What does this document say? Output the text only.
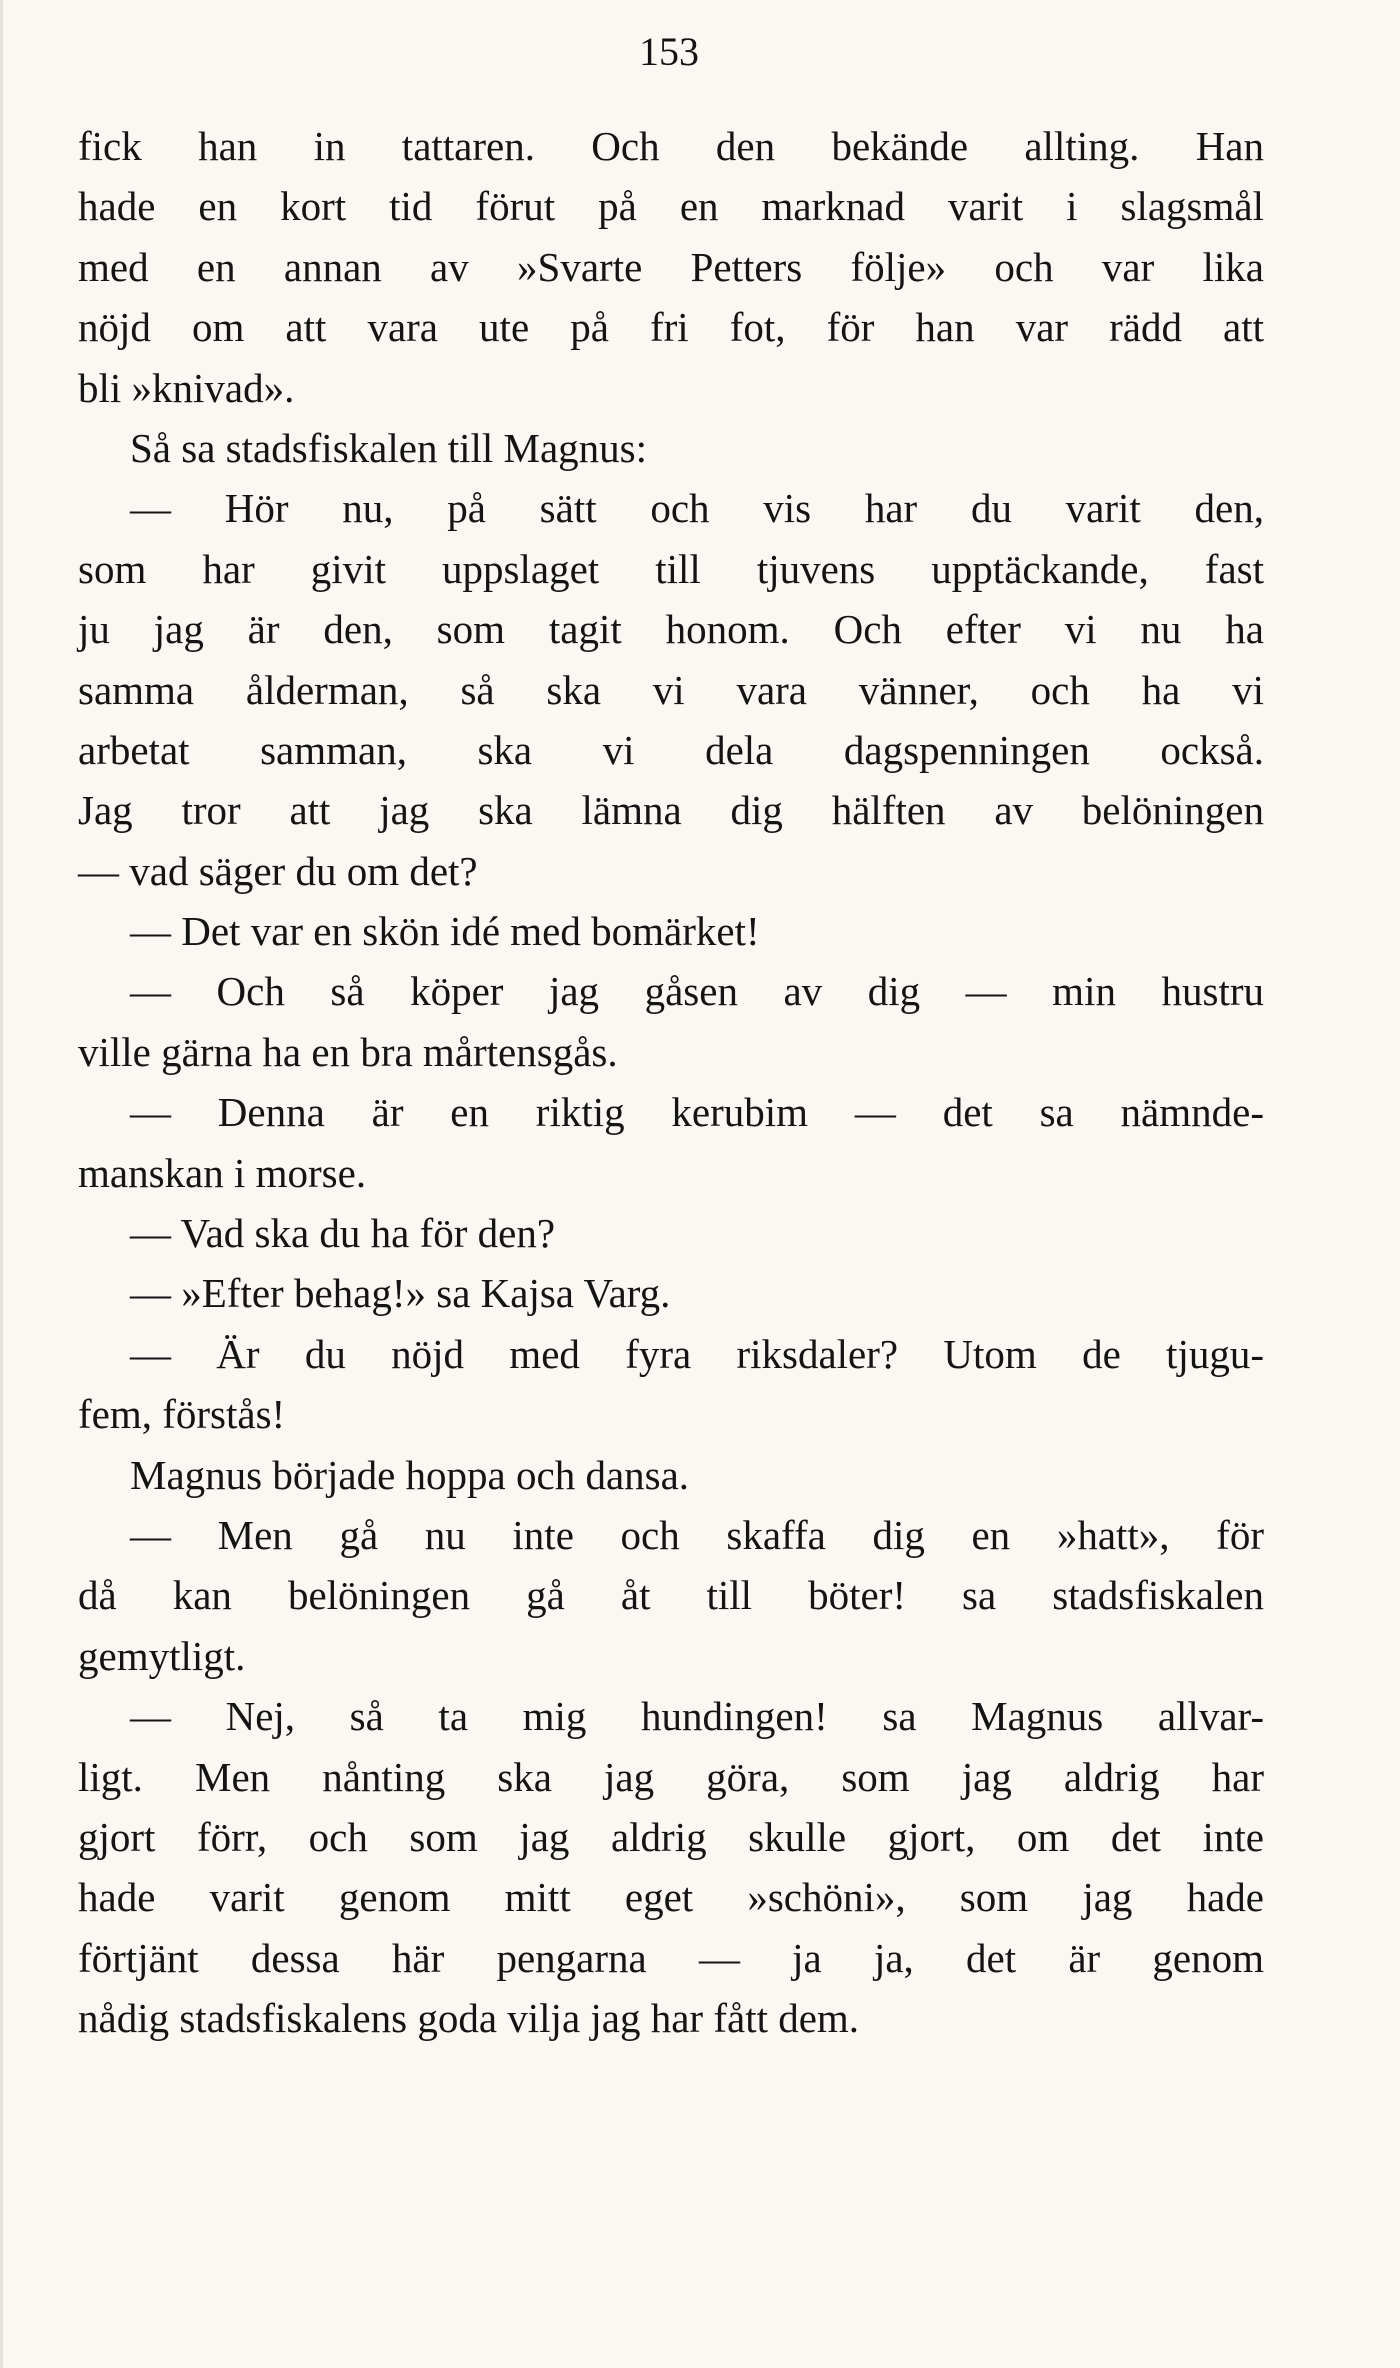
153
fick han in tattaren. Och den bekände allting. Han
hade en kort tid förut på en marknad varit i slagsmål
med en annan av »Svarte Petters följe» och var lika
nöjd om att vara ute på fri fot, för han var rädd att
bli »knivad».
Så sa stadsfiskalen till Magnus:
— Hör nu, på sätt och vis har du varit den,
som har givit uppslaget till tjuvens upptäckande, fast
ju jag är den, som tagit honom. Och efter vi nu ha
samma ålderman, så ska vi vara vänner, och ha vi
arbetat samman, ska vi dela dagspenningen också.
Jag tror att jag ska lämna dig hälften av belöningen
— vad säger du om det?
— Det var en skön idé med bomärket!
— Och så köper jag gåsen av dig — min hustru
ville gärna ha en bra mårtensgås.
— Denna är en riktig kerubim — det sa nämnde-
manskan i morse.
— Vad ska du ha för den?
— »Efter behag!» sa Kajsa Varg.
— Är du nöjd med fyra riksdaler? Utom de tjugu-
fem, förstås!
Magnus började hoppa och dansa.
— Men gå nu inte och skaffa dig en »hatt», för
då kan belöningen gå åt till böter! sa stadsfiskalen
gemytligt.
— Nej, så ta mig hundingen! sa Magnus allvar-
ligt. Men nånting ska jag göra, som jag aldrig har
gjort förr, och som jag aldrig skulle gjort, om det inte
hade varit genom mitt eget »schöni», som jag hade
förtjänt dessa här pengarna — ja ja, det är genom
nådig stadsfiskalens goda vilja jag har fått dem.
